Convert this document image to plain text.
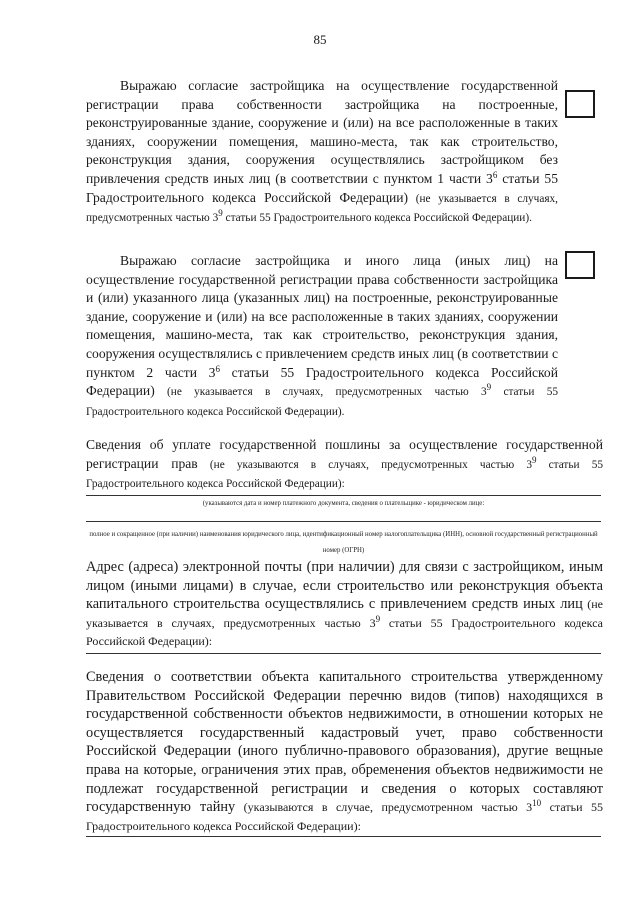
85
Выражаю согласие застройщика на осуществление государственной регистрации права собственности застройщика на построенные, реконструированные здание, сооружение и (или) на все расположенные в таких зданиях, сооружении помещения, машино-места, так как строительство, реконструкция здания, сооружения осуществлялись застройщиком без привлечения средств иных лиц (в соответствии с пунктом 1 части $3^6$ статьи 55 Градостроительного кодекса Российской Федерации) (не указывается в случаях, предусмотренных частью $3^9$ статьи 55 Градостроительного кодекса Российской Федерации).
Выражаю согласие застройщика и иного лица (иных лиц) на осуществление государственной регистрации права собственности застройщика и (или) указанного лица (указанных лиц) на построенные, реконструированные здание, сооружение и (или) на все расположенные в таких зданиях, сооружении помещения, машино-места, так как строительство, реконструкция здания, сооружения осуществлялись с привлечением средств иных лиц (в соответствии с пунктом 2 части $3^6$ статьи 55 Градостроительного кодекса Российской Федерации) (не указывается в случаях, предусмотренных частью $3^9$ статьи 55 Градостроительного кодекса Российской Федерации).
Сведения об уплате государственной пошлины за осуществление государственной регистрации прав (не указываются в случаях, предусмотренных частью $3^9$ статьи 55 Градостроительного кодекса Российской Федерации):
(указываются дата и номер платежного документа, сведения о плательщике - юридическом лице:
полное и сокращенное (при наличии) наименования юридического лица, идентификационный номер налогоплательщика (ИНН), основной государственный регистрационный номер (ОГРН)
Адрес (адреса) электронной почты (при наличии) для связи с застройщиком, иным лицом (иными лицами) в случае, если строительство или реконструкция объекта капитального строительства осуществлялись с привлечением средств иных лиц (не указывается в случаях, предусмотренных частью $3^9$ статьи 55 Градостроительного кодекса Российской Федерации):
Сведения о соответствии объекта капитального строительства утвержденному Правительством Российской Федерации перечню видов (типов) находящихся в государственной собственности объектов недвижимости, в отношении которых не осуществляется государственный кадастровый учет, право собственности Российской Федерации (иного публично-правового образования), другие вещные права на которые, ограничения этих прав, обременения объектов недвижимости не подлежат государственной регистрации и сведения о которых составляют государственную тайну (указываются в случае, предусмотренном частью $3^{10}$ статьи 55 Градостроительного кодекса Российской Федерации):
